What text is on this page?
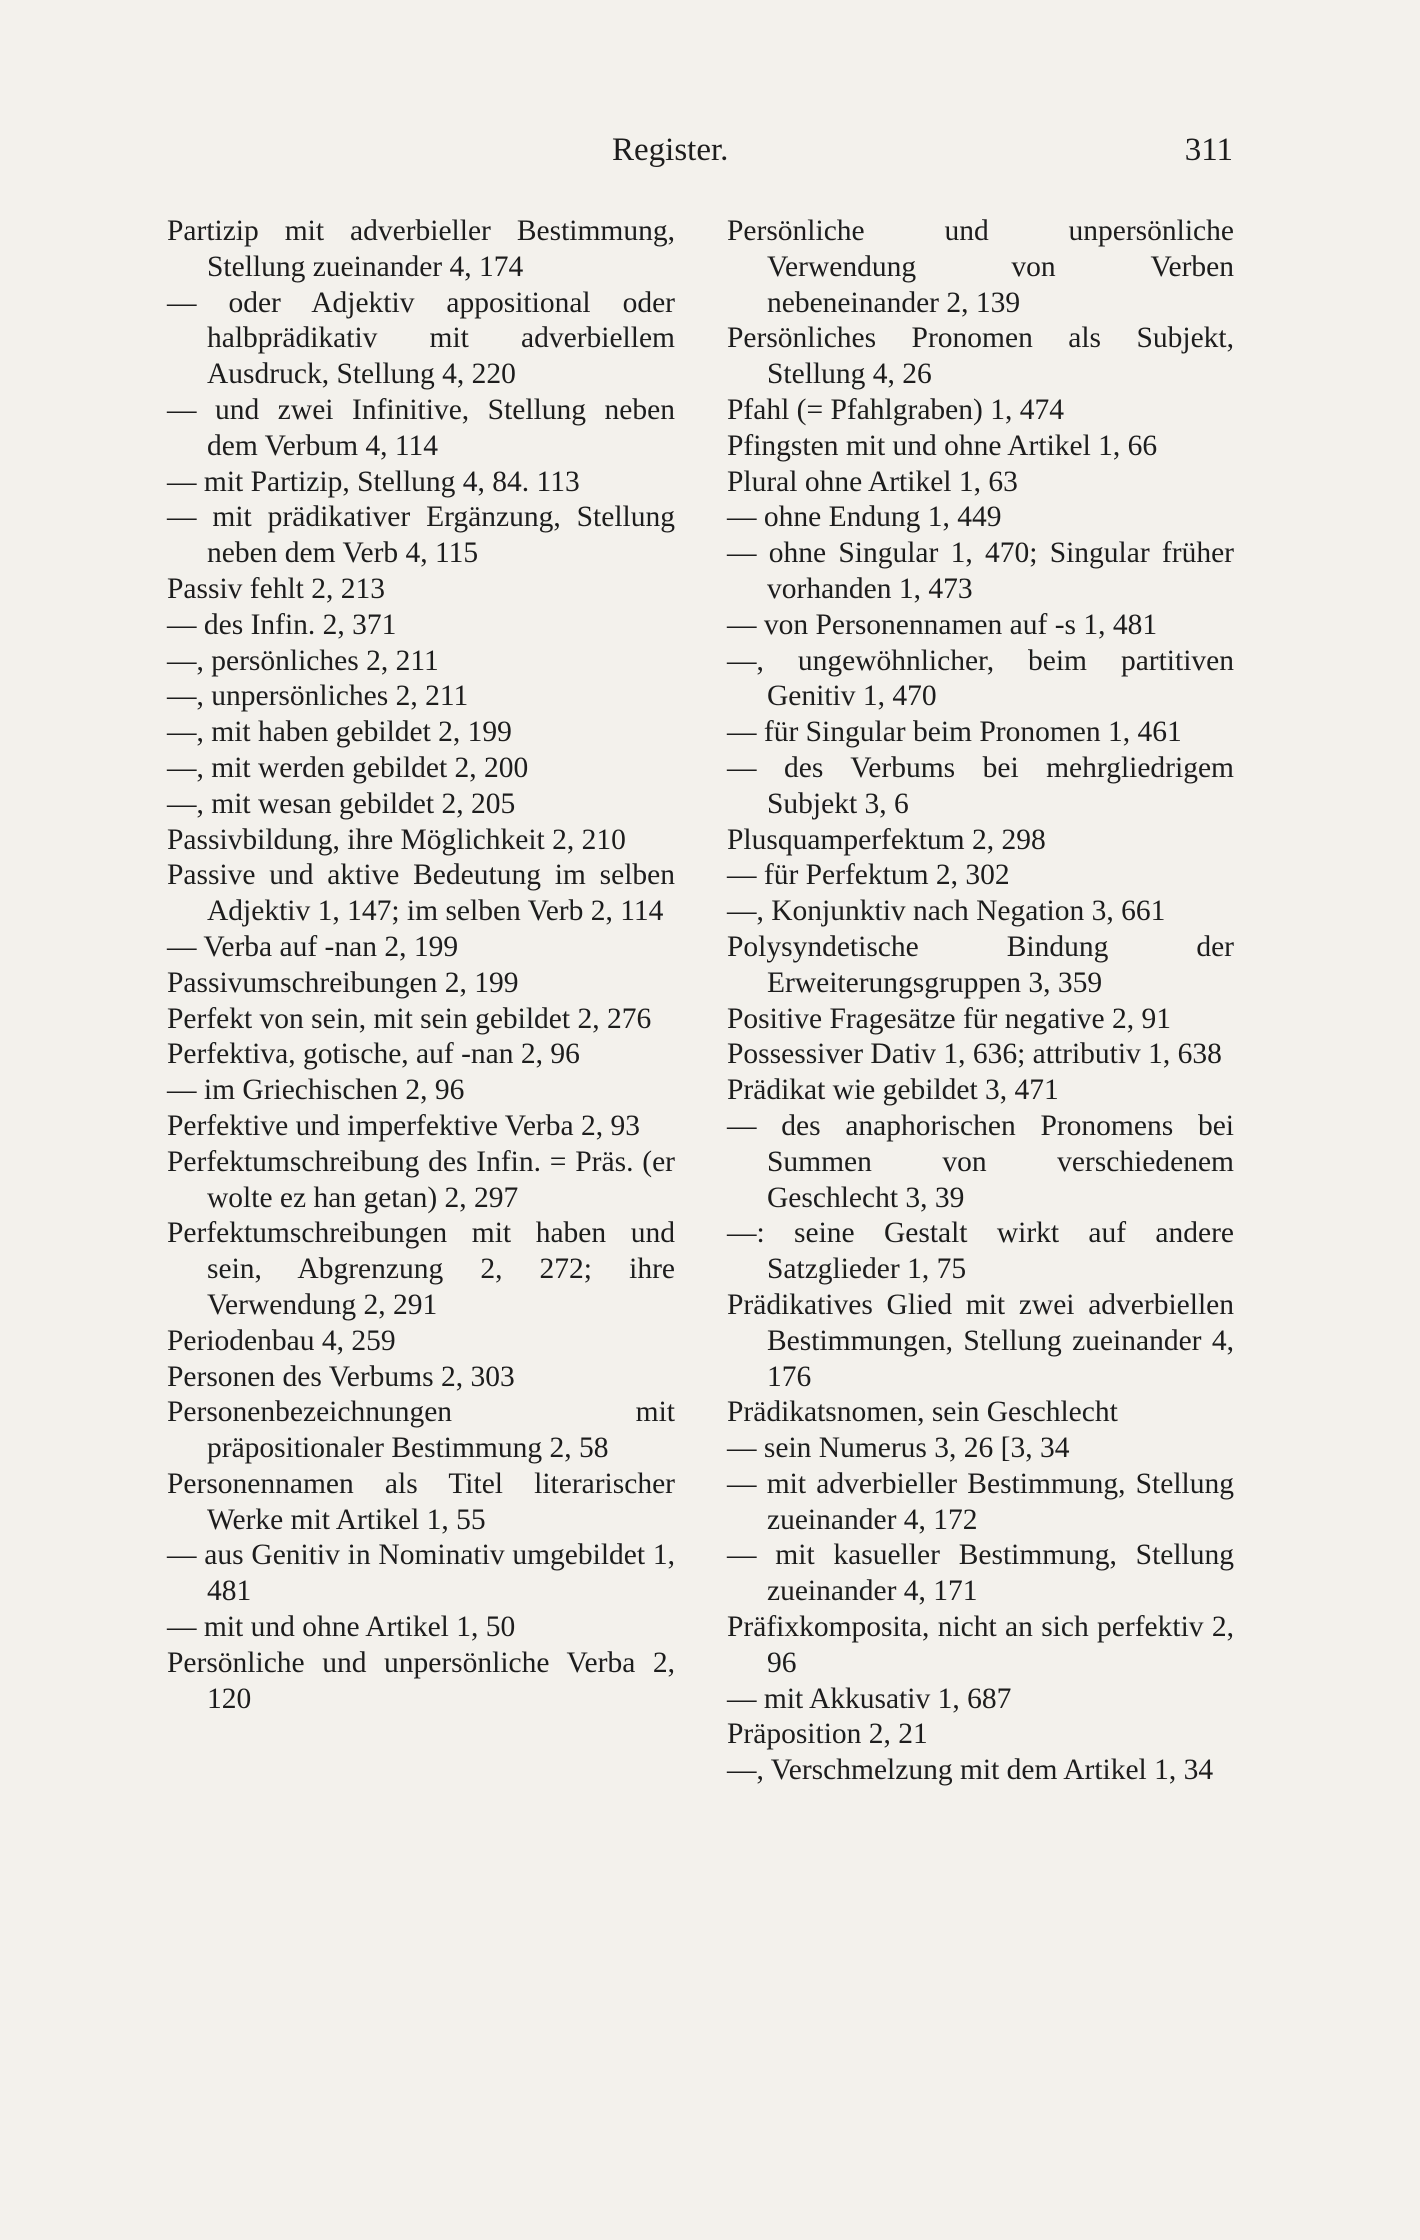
Register.	311

Partizip mit adverbieller Bestimmung, Stellung zueinander 4, 174

— oder Adjektiv appositional oder halbprädikativ mit adverbiellem Ausdruck, Stellung 4, 220

— und zwei Infinitive, Stellung neben dem Verbum 4, 114

— mit Partizip, Stellung 4, 84. 113

— mit prädikativer Ergänzung, Stellung neben dem Verb 4, 115

Passiv fehlt 2, 213

— des Infin. 2, 371

—, persönliches 2, 211

—, unpersönliches 2, 211

—, mit haben gebildet 2, 199

—, mit werden gebildet 2, 200

—, mit wesan gebildet 2, 205

Passivbildung, ihre Möglichkeit 2, 210

Passive und aktive Bedeutung im selben Adjektiv 1, 147; im selben Verb 2, 114

— Verba auf -nan 2, 199

Passivumschreibungen 2, 199

Perfekt von sein, mit sein gebildet 2, 276

Perfektiva, gotische, auf -nan 2, 96

— im Griechischen 2, 96

Perfektive und imperfektive Verba 2, 93

Perfektumschreibung des Infin. = Präs. (er wolte ez han getan) 2, 297

Perfektumschreibungen mit haben und sein, Abgrenzung 2, 272; ihre Verwendung 2, 291

Periodenbau 4, 259

Personen des Verbums 2, 303

Personenbezeichnungen mit präpositionaler Bestimmung 2, 58

Personennamen als Titel literarischer Werke mit Artikel 1, 55

— aus Genitiv in Nominativ umgebildet 1, 481

— mit und ohne Artikel 1, 50

Persönliche und unpersönliche Verba 2, 120

Persönliche und unpersönliche Verwendung von Verben nebeneinander 2, 139

Persönliches Pronomen als Subjekt, Stellung 4, 26

Pfahl (= Pfahlgraben) 1, 474

Pfingsten mit und ohne Artikel 1, 66

Plural ohne Artikel 1, 63

— ohne Endung 1, 449

— ohne Singular 1, 470; Singular früher vorhanden 1, 473

— von Personennamen auf -s 1, 481

—, ungewöhnlicher, beim partitiven Genitiv 1, 470

— für Singular beim Pronomen 1, 461

— des Verbums bei mehrgliedrigem Subjekt 3, 6

Plusquamperfektum 2, 298

— für Perfektum 2, 302

—, Konjunktiv nach Negation 3, 661

Polysyndetische Bindung der Erweiterungsgruppen 3, 359

Positive Fragesätze für negative 2, 91

Possessiver Dativ 1, 636; attributiv 1, 638

Prädikat wie gebildet 3, 471

— des anaphorischen Pronomens bei Summen von verschiedenem Geschlecht 3, 39

—: seine Gestalt wirkt auf andere Satzglieder 1, 75

Prädikatives Glied mit zwei adverbiellen Bestimmungen, Stellung zueinander 4, 176

Prädikatsnomen, sein Geschlecht

— sein Numerus 3, 26 [3, 34

— mit adverbieller Bestimmung, Stellung zueinander 4, 172

— mit kasueller Bestimmung, Stellung zueinander 4, 171

Präfixkomposita, nicht an sich perfektiv 2, 96

— mit Akkusativ 1, 687

Präposition 2, 21

—, Verschmelzung mit dem Artikel 1, 34
